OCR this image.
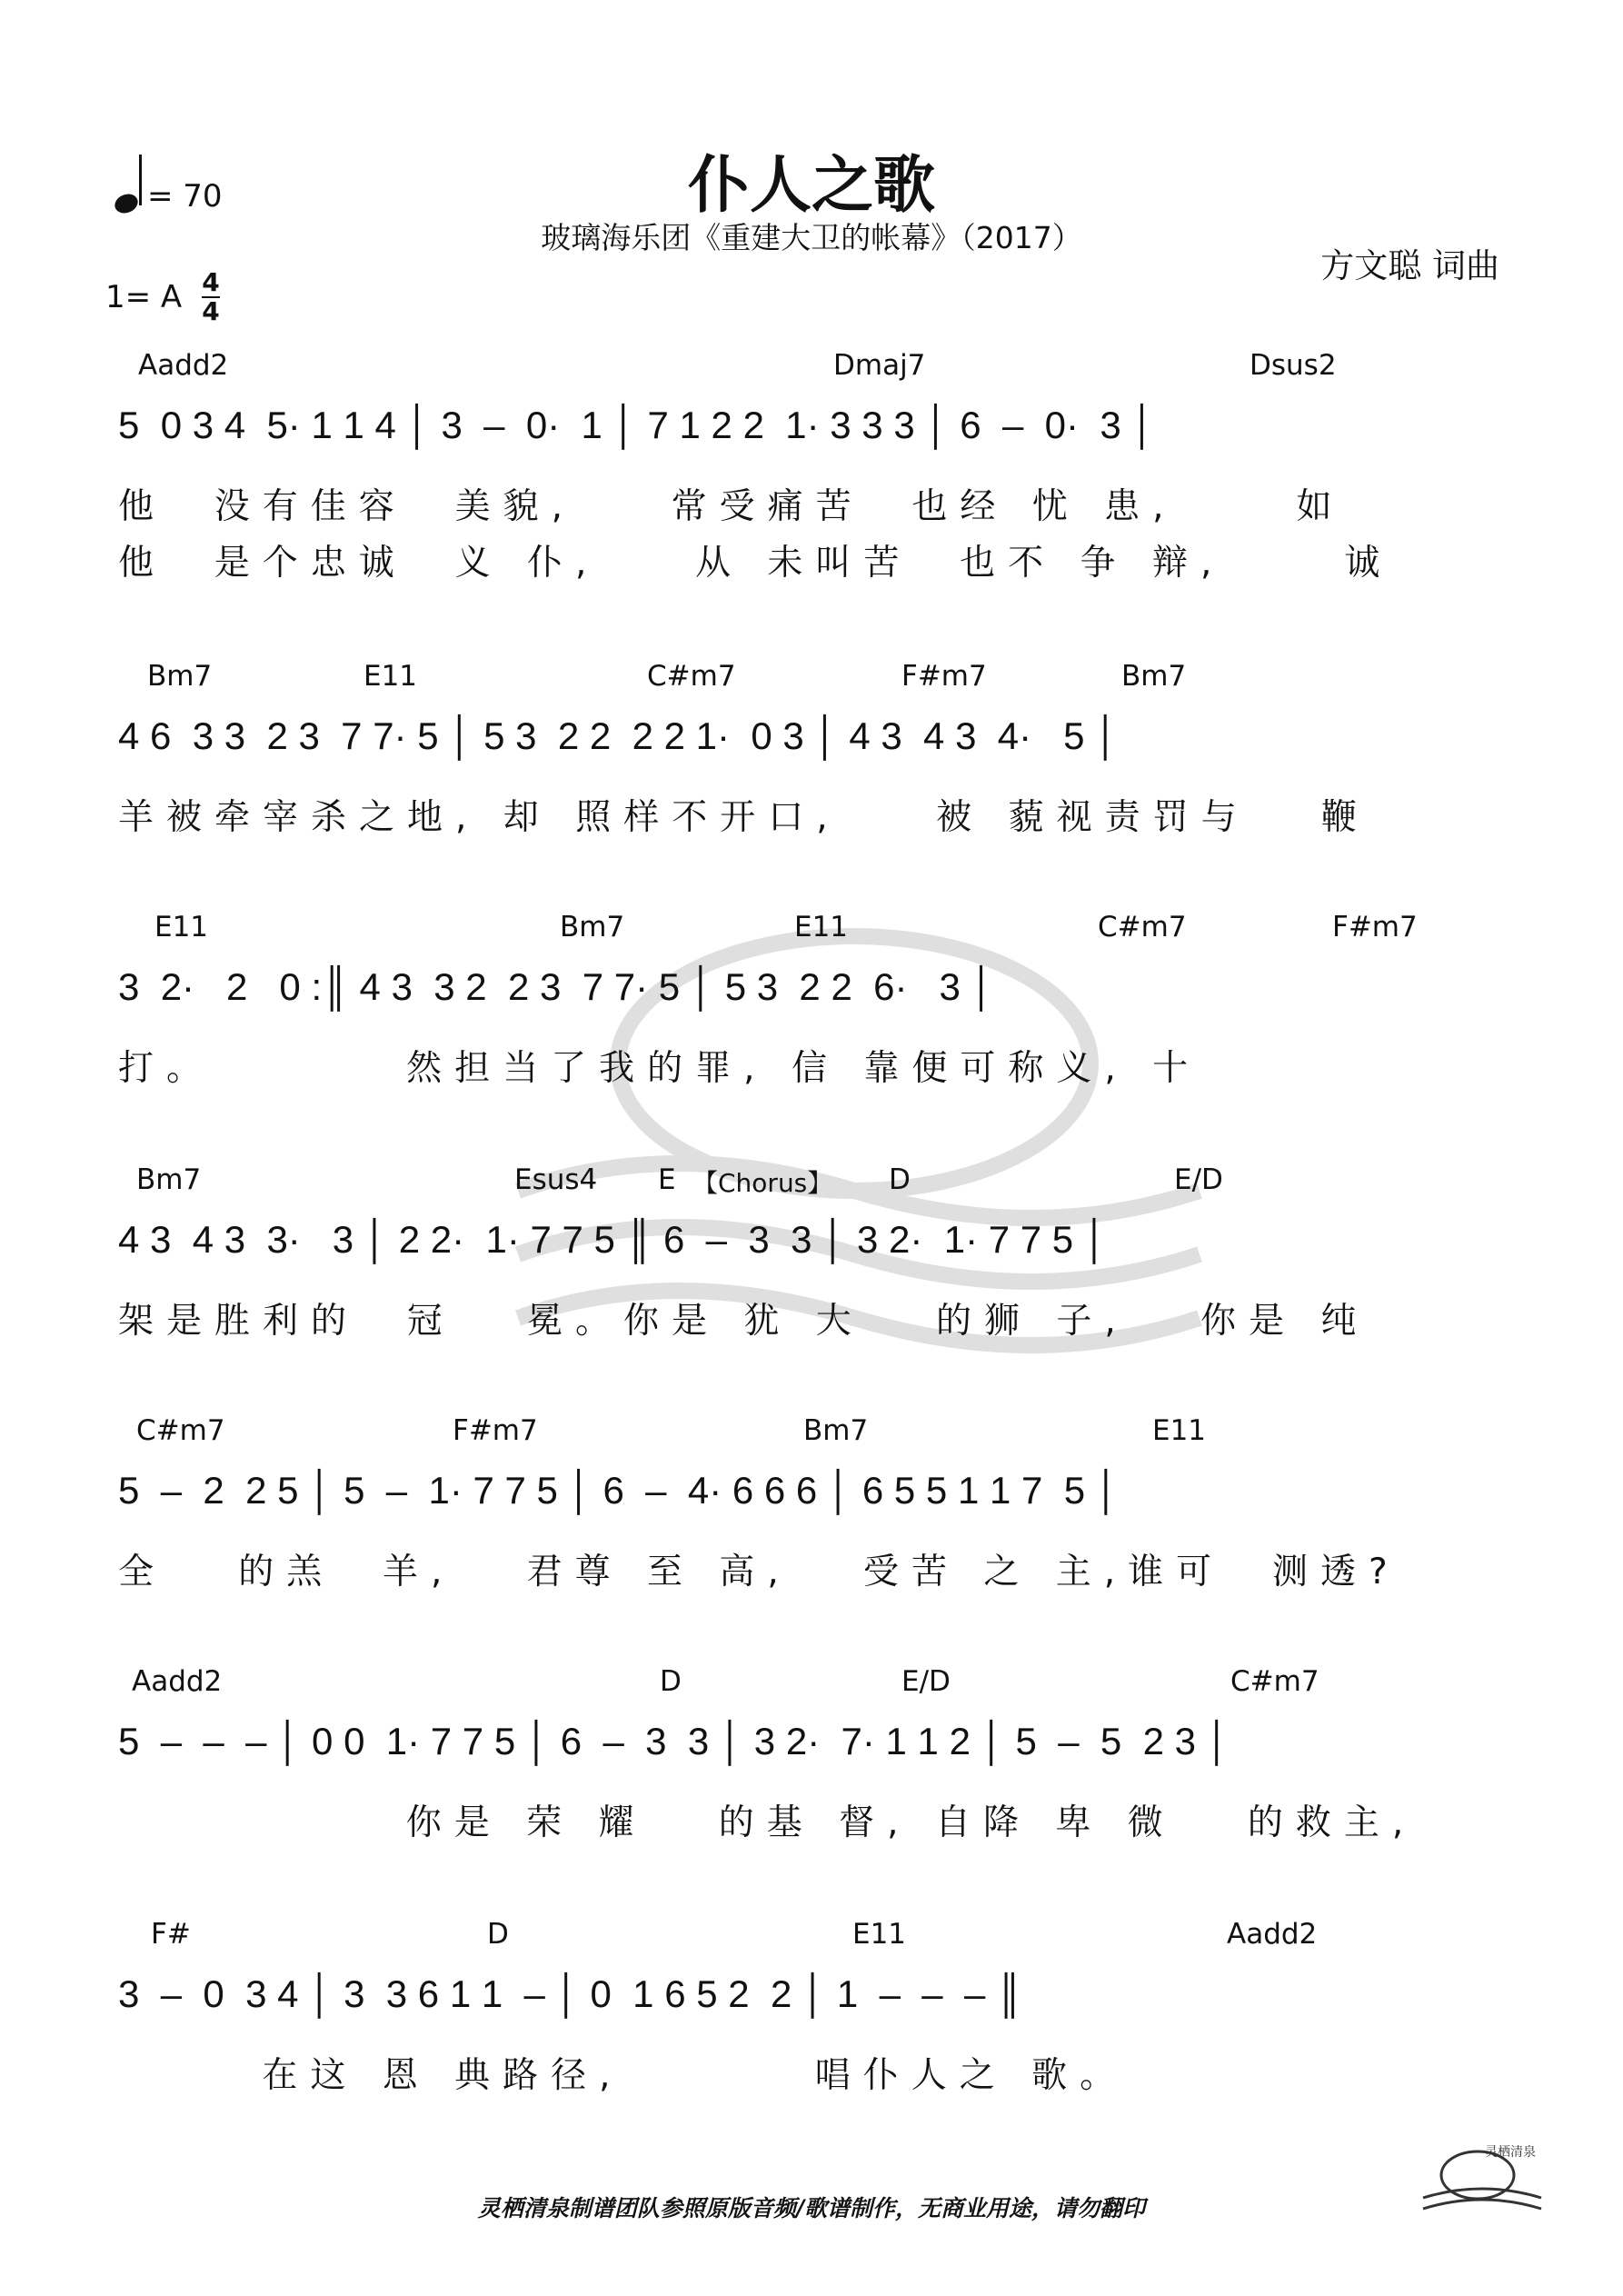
= 70	仆人之歌
玻璃海乐团《重建大卫的帐幕》（2017）
方文聪 词曲
1= A 4
4
Aadd2	Dmaj7	Dsus2
5  0 3 4  5· 1 1 4 │ 3  –  0·  1 │ 7 1 2 2  1· 3 3 3 │ 6  –  0·  3 │
他  没有佳容  美貌,    常受痛苦  也经 忧 患,     如
他  是个忠诚  义 仆,    从 未叫苦  也不 争 辩,     诚
Bm7	E11	C#m7	F#m7	Bm7
4 6  3 3  2 3  7 7· 5 │ 5 3  2 2  2 2 1·  0 3 │ 4 3  4 3  4·   5 │
羊被牵宰杀之地, 却 照样不开口,    被 藐视责罚与   鞭
E11	Bm7	E11	C#m7	F#m7
3  2·   2   0 :║ 4 3  3 2  2 3  7 7· 5 │ 5 3  2 2  6·   3 │
打。        然担当了我的罪, 信 靠便可称义, 十
Bm7	Esus4 E 【Chorus】 D	E/D
4 3  4 3  3·   3 │ 2 2·  1· 7 7 5 ║ 6  –  3  3 │ 3 2·  1· 7 7 5 │
架是胜利的  冠   冕。你是 犹 大   的狮 子,   你是 纯
C#m7	F#m7	Bm7	E11
5  –  2  2 5 │ 5  –  1· 7 7 5 │ 6  –  4· 6 6 6 │ 6 5 5 1 1 7  5 │
全   的羔  羊,   君尊 至 高,   受苦 之 主,谁可  测透?
Aadd2	D	E/D	C#m7
5  –  –  – │ 0 0  1· 7 7 5 │ 6  –  3  3 │ 3 2·  7· 1 1 2 │ 5  –  5  2 3 │
你是 荣 耀   的基 督, 自降 卑 微   的救主,
F#	D	E11	Aadd2
3  –  0  3 4 │ 3  3 6 1 1  – │ 0  1 6 5 2  2 │ 1  –  –  – ║
在这 恩 典路径,        唱仆人之 歌。
灵栖清泉制谱团队参照原版音频/歌谱制作，无商业用途，请勿翻印
灵栖清泉
